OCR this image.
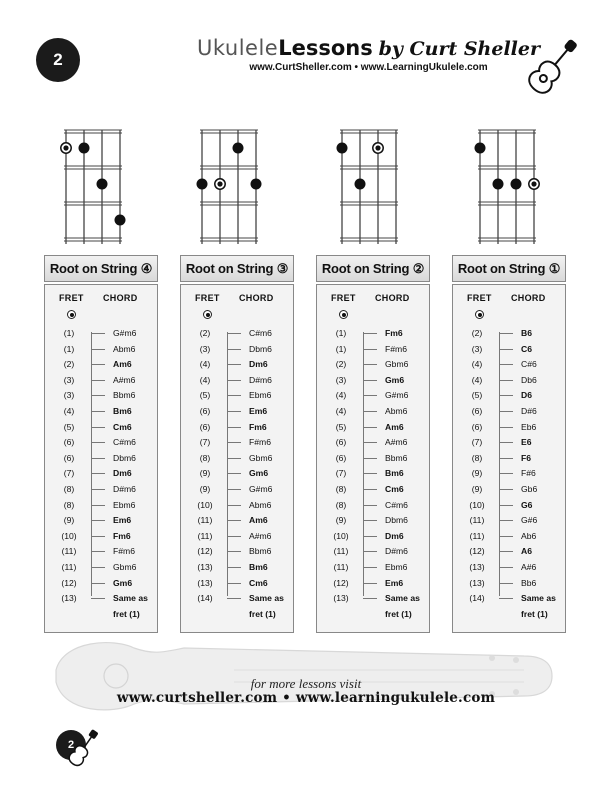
2	UkuleleLessons by Curt Sheller
www.CurtSheller.com • www.LearningUkulele.com
Root on String ④
FRET CHORD
(1)	G#m6
(1)	Abm6
(2)	Am6
(3)	A#m6
(3)	Bbm6
(4)	Bm6
(5)	Cm6
(6)	C#m6
(6)	Dbm6
(7)	Dm6
(8)	D#m6
(8)	Ebm6
(9)	Em6
(10)	Fm6
(11)	F#m6
(11)	Gbm6
(12)	Gm6
(13)	Same as
fret (1)
Root on String ③
FRET CHORD
(2)	C#m6
(3)	Dbm6
(4)	Dm6
(4)	D#m6
(5)	Ebm6
(6)	Em6
(6)	Fm6
(7)	F#m6
(8)	Gbm6
(9)	Gm6
(9)	G#m6
(10)	Abm6
(11)	Am6
(11)	A#m6
(12)	Bbm6
(13)	Bm6
(13)	Cm6
(14)	Same as
fret (1)
Root on String ②
FRET CHORD
(1)	Fm6
(1)	F#m6
(2)	Gbm6
(3)	Gm6
(4)	G#m6
(4)	Abm6
(5)	Am6
(6)	A#m6
(6)	Bbm6
(7)	Bm6
(8)	Cm6
(8)	C#m6
(9)	Dbm6
(10)	Dm6
(11)	D#m6
(11)	Ebm6
(12)	Em6
(13)	Same as
fret (1)
Root on String ①
FRET CHORD
(2)	B6
(3)	C6
(4)	C#6
(4)	Db6
(5)	D6
(6)	D#6
(6)	Eb6
(7)	E6
(8)	F6
(9)	F#6
(9)	Gb6
(10)	G6
(11)	G#6
(11)	Ab6
(12)	A6
(13)	A#6
(13)	Bb6
(14)	Same as
fret (1)
for more lessons visit
www.curtsheller.com • www.learningukulele.com
2
